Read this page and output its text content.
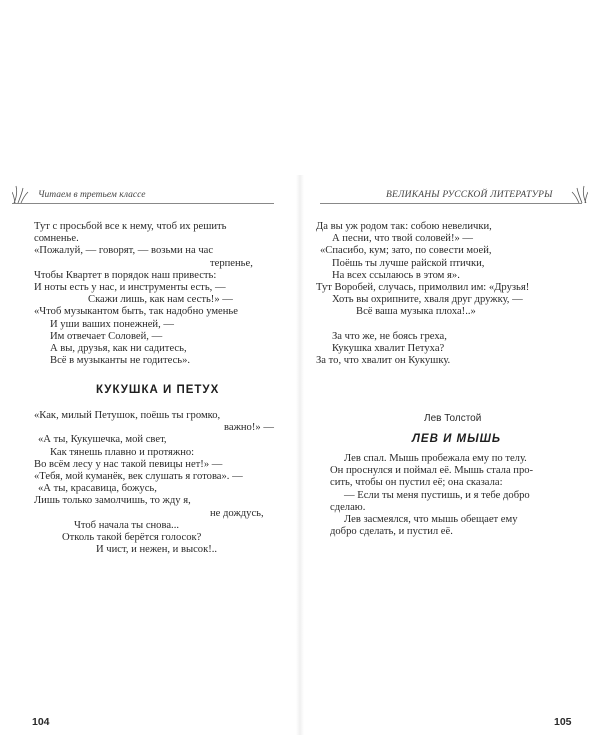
Читаем в третьем классе
Тут с просьбой все к нему, чтоб их решить
сомненье.
«Пожалуй, — говорят, — возьми на час
терпенье,
Чтобы Квартет в порядок наш привесть:
И ноты есть у нас, и инструменты есть, —
Скажи лишь, как нам сесть!» —
«Чтоб музыкантом быть, так надобно уменье
И уши ваших понежней, —
Им отвечает Соловей, —
А вы, друзья, как ни садитесь,
Всё в музыканты не годитесь».
КУКУШКА И ПЕТУХ
«Как, милый Петушок, поёшь ты громко,
важно!» —
«А ты, Кукушечка, мой свет,
Как тянешь плавно и протяжно:
Во всём лесу у нас такой певицы нет!» —
«Тебя, мой куманёк, век слушать я готова». —
«А ты, красавица, божусь,
Лишь только замолчишь, то жду я,
не дождусь,
Чтоб начала ты снова...
Отколь такой берётся голосок?
И чист, и нежен, и высок!..
104
ВЕЛИКАНЫ РУССКОЙ ЛИТЕРАТУРЫ
Да вы уж родом так: собою невелички,
А песни, что твой соловей!» —
«Спасибо, кум; зато, по совести моей,
Поёшь ты лучше райской птички,
На всех ссылаюсь в этом я».
Тут Воробей, случась, примолвил им: «Друзья!
Хоть вы охрипните, хваля друг дружку, —
Всё ваша музыка плоха!..»

За что же, не боясь греха,
Кукушка хвалит Петуха?
За то, что хвалит он Кукушку.
Лев Толстой
ЛЕВ И МЫШЬ
Лев спал. Мышь пробежала ему по телу.
Он проснулся и поймал её. Мышь стала про-
сить, чтобы он пустил её; она сказала:
— Если ты меня пустишь, и я тебе добро
сделаю.
Лев засмеялся, что мышь обещает ему
добро сделать, и пустил её.
105
